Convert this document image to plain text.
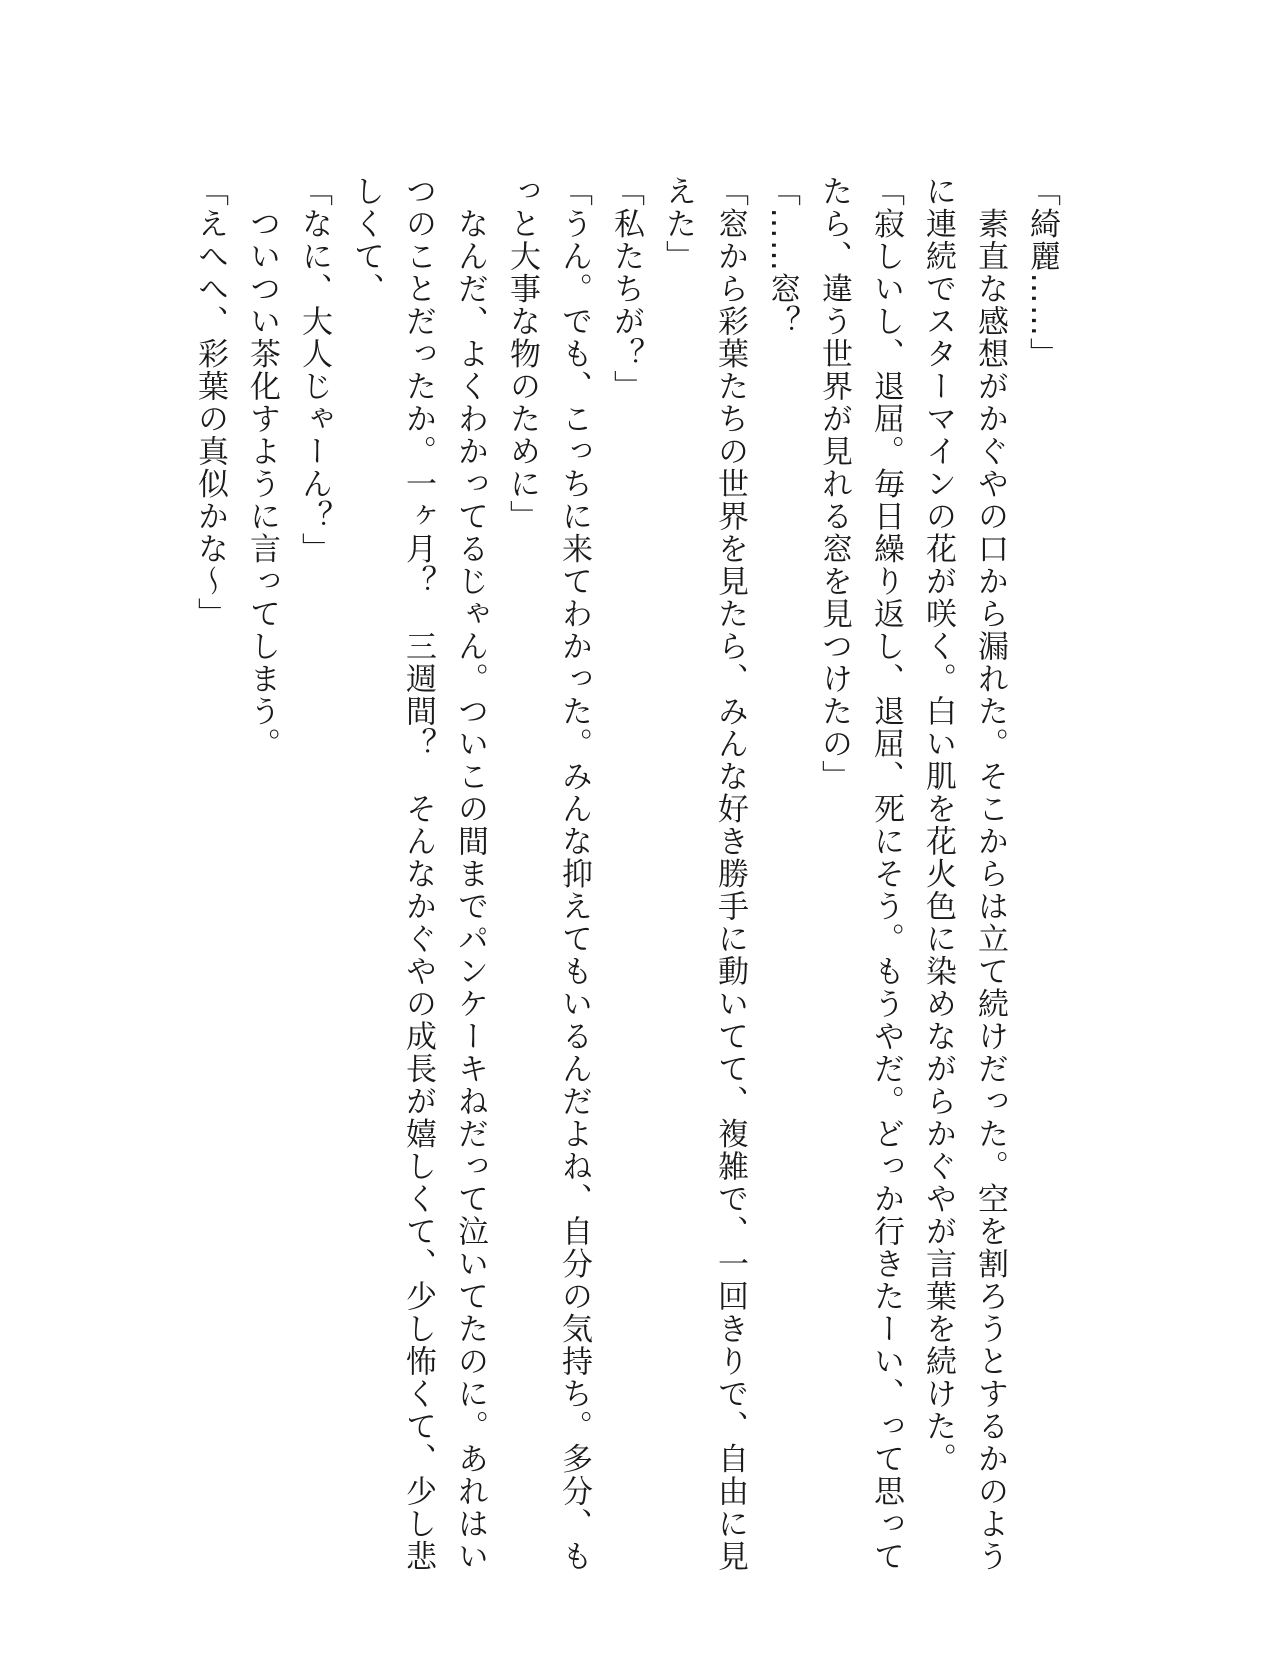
「綺麗……」
　素直な感想がかぐやの口から漏れた。そこからは立て続けだった。空を割ろうとするかのよう
に連続でスターマインの花が咲く。白い肌を花火色に染めながらかぐやが言葉を続けた。
「寂しいし、退屈。毎日繰り返し、退屈、死にそう。もうやだ。どっか行きたーい、って思って
たら、違う世界が見れる窓を見つけたの」
「……窓？
「窓から彩葉たちの世界を見たら、みんな好き勝手に動いてて、複雑で、一回きりで、自由に見
えた」
「私たちが？」
「うん。でも、こっちに来てわかった。みんな抑えてもいるんだよね、自分の気持ち。多分、も
っと大事な物のために」
　なんだ、よくわかってるじゃん。ついこの間までパンケーキねだって泣いてたのに。あれはい
つのことだったか。一ヶ月？　三週間？　そんなかぐやの成長が嬉しくて、少し怖くて、少し悲
しくて、
「なに、大人じゃーん？」
　ついつい茶化すように言ってしまう。
「えへへ、彩葉の真似かな～」
